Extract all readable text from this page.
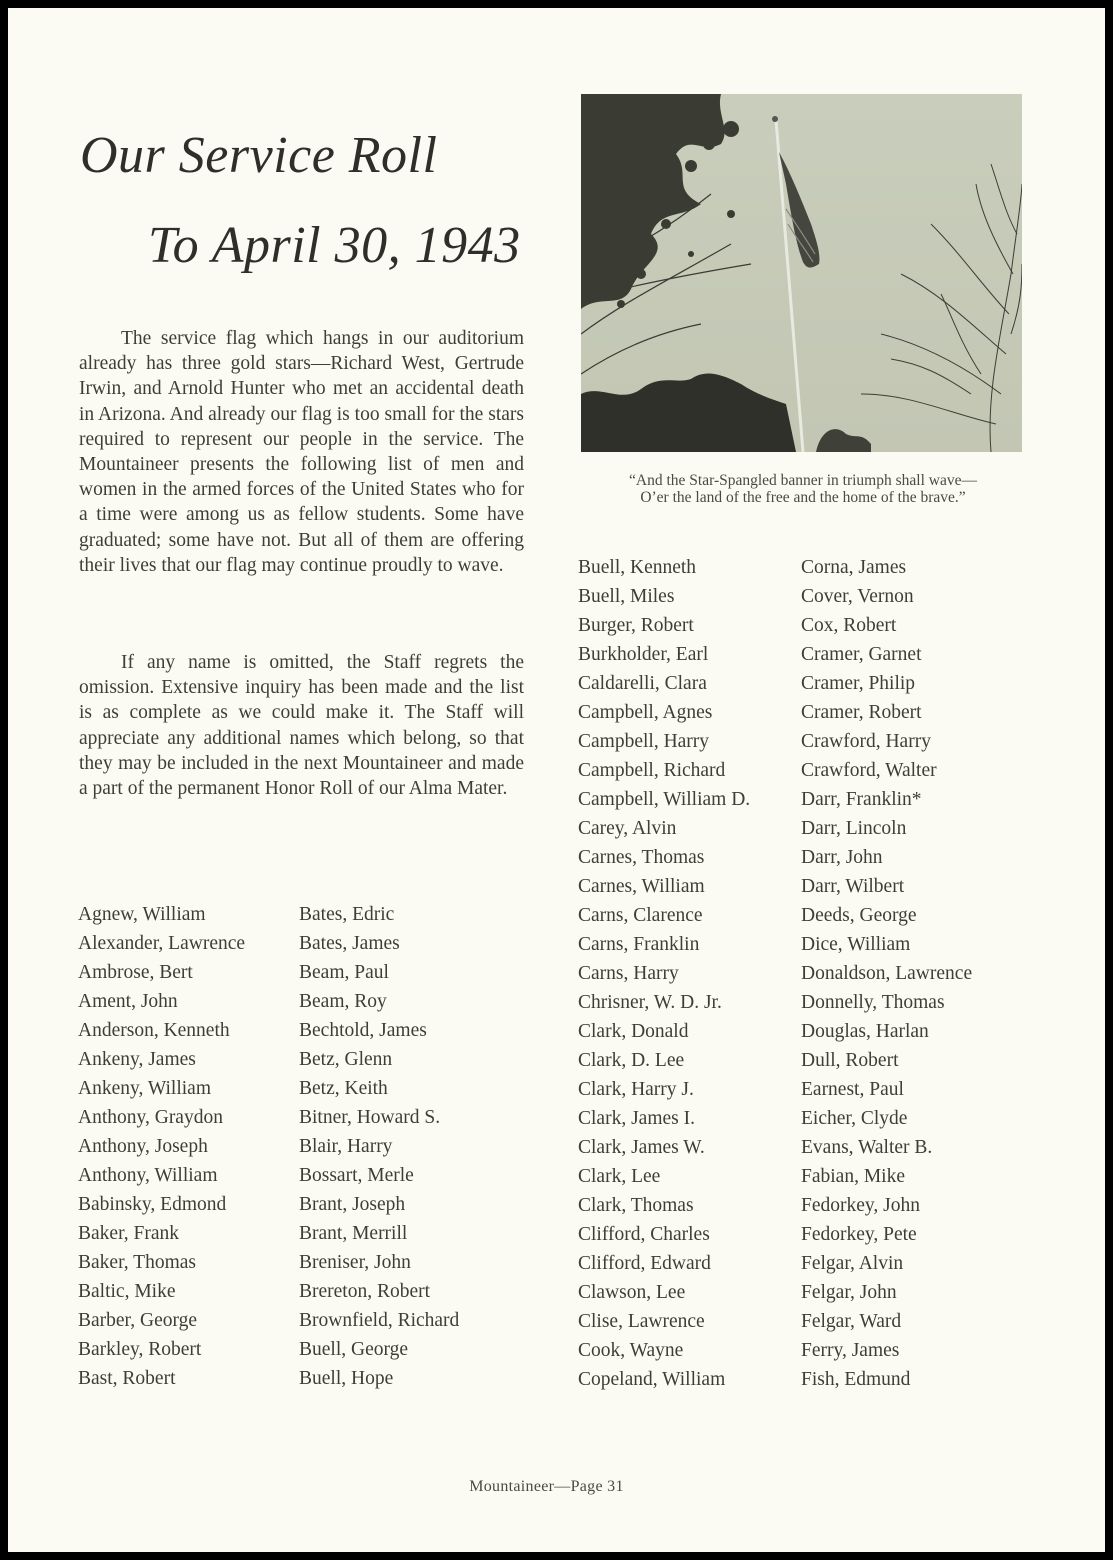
Our Service Roll
To April 30, 1943

The service flag which hangs in our auditorium already has three gold stars—Richard West, Gertrude Irwin, and Arnold Hunter who met an accidental death in Arizona. And already our flag is too small for the stars required to represent our people in the service. The Mountaineer presents the following list of men and women in the armed forces of the United States who for a time were among us as fellow students. Some have graduated; some have not. But all of them are offering their lives that our flag may continue proudly to wave.

If any name is omitted, the Staff regrets the omission. Extensive inquiry has been made and the list is as complete as we could make it. The Staff will appreciate any additional names which belong, so that they may be included in the next Mountaineer and made a part of the permanent Honor Roll of our Alma Mater.

“And the Star-Spangled banner in triumph shall wave—
O’er the land of the free and the home of the brave.”
Agnew, William
Alexander, Lawrence
Ambrose, Bert
Ament, John
Anderson, Kenneth
Ankeny, James
Ankeny, William
Anthony, Graydon
Anthony, Joseph
Anthony, William
Babinsky, Edmond
Baker, Frank
Baker, Thomas
Baltic, Mike
Barber, George
Barkley, Robert
Bast, Robert
Bates, Edric
Bates, James
Beam, Paul
Beam, Roy
Bechtold, James
Betz, Glenn
Betz, Keith
Bitner, Howard S.
Blair, Harry
Bossart, Merle
Brant, Joseph
Brant, Merrill
Breniser, John
Brereton, Robert
Brownfield, Richard
Buell, George
Buell, Hope
Buell, Kenneth
Buell, Miles
Burger, Robert
Burkholder, Earl
Caldarelli, Clara
Campbell, Agnes
Campbell, Harry
Campbell, Richard
Campbell, William D.
Carey, Alvin
Carnes, Thomas
Carnes, William
Carns, Clarence
Carns, Franklin
Carns, Harry
Chrisner, W. D. Jr.
Clark, Donald
Clark, D. Lee
Clark, Harry J.
Clark, James I.
Clark, James W.
Clark, Lee
Clark, Thomas
Clifford, Charles
Clifford, Edward
Clawson, Lee
Clise, Lawrence
Cook, Wayne
Copeland, William
Corna, James
Cover, Vernon
Cox, Robert
Cramer, Garnet
Cramer, Philip
Cramer, Robert
Crawford, Harry
Crawford, Walter
Darr, Franklin*
Darr, Lincoln
Darr, John
Darr, Wilbert
Deeds, George
Dice, William
Donaldson, Lawrence
Donnelly, Thomas
Douglas, Harlan
Dull, Robert
Earnest, Paul
Eicher, Clyde
Evans, Walter B.
Fabian, Mike
Fedorkey, John
Fedorkey, Pete
Felgar, Alvin
Felgar, John
Felgar, Ward
Ferry, James
Fish, Edmund
Mountaineer—Page 31
